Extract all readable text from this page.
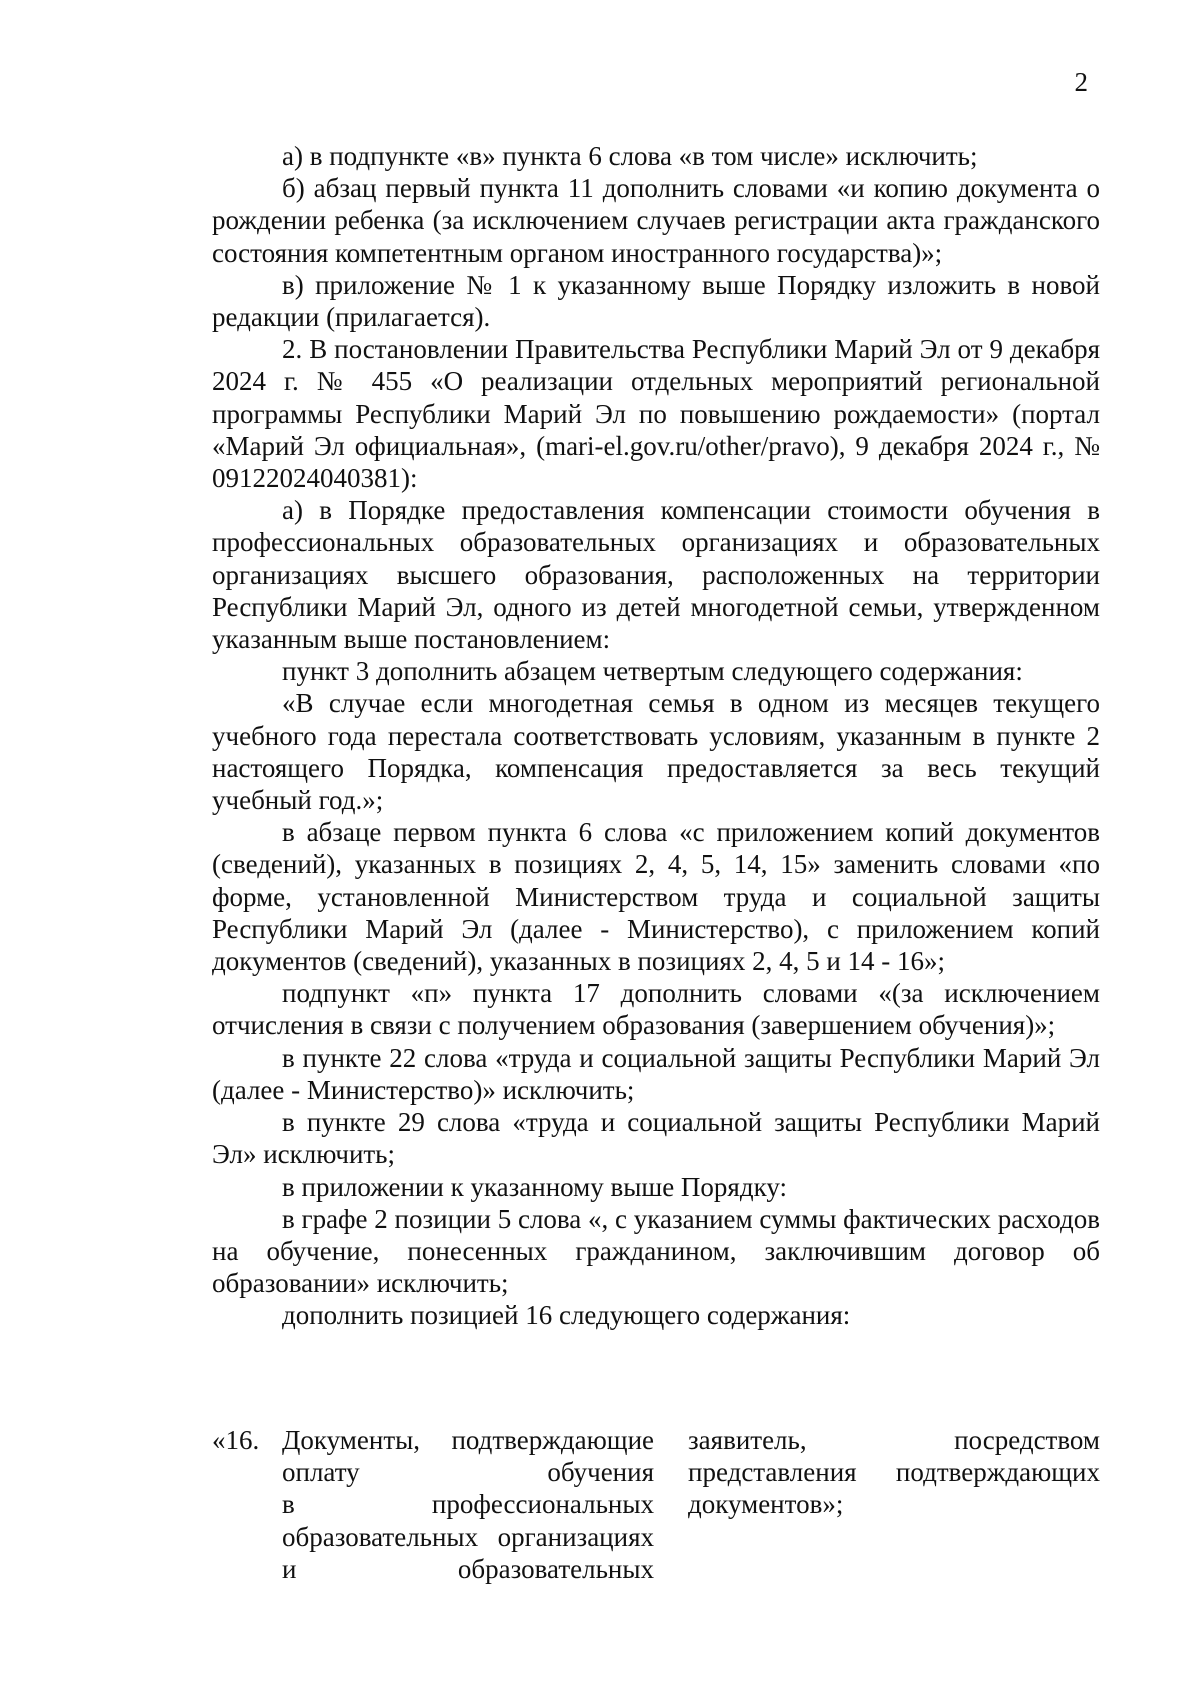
2

а) в подпункте «в» пункта 6 слова «в том числе» исключить;

б) абзац первый пункта 11 дополнить словами «и копию документа о рождении ребенка (за исключением случаев регистрации акта гражданского состояния компетентным органом иностранного государства)»;

в) приложение № 1 к указанному выше Порядку изложить в новой редакции (прилагается).

2. В постановлении Правительства Республики Марий Эл от 9 декабря 2024 г. № 455 «О реализации отдельных мероприятий региональной программы Республики Марий Эл по повышению рождаемости» (портал «Марий Эл официальная», (mari-el.gov.ru/other/pravo), 9 декабря 2024 г., № 09122024040381):

а) в Порядке предоставления компенсации стоимости обучения в профессиональных образовательных организациях и образовательных организациях высшего образования, расположенных на территории Республики Марий Эл, одного из детей многодетной семьи, утвержденном указанным выше постановлением:

пункт 3 дополнить абзацем четвертым следующего содержания:

«В случае если многодетная семья в одном из месяцев текущего учебного года перестала соответствовать условиям, указанным в пункте 2 настоящего Порядка, компенсация предоставляется за весь текущий учебный год.»;

в абзаце первом пункта 6 слова «с приложением копий документов (сведений), указанных в позициях 2, 4, 5, 14, 15» заменить словами «по форме, установленной Министерством труда и социальной защиты Республики Марий Эл (далее - Министерство), с приложением копий документов (сведений), указанных в позициях 2, 4, 5 и 14 - 16»;

подпункт «п» пункта 17 дополнить словами «(за исключением отчисления в связи с получением образования (завершением обучения)»;

в пункте 22 слова «труда и социальной защиты Республики Марий Эл (далее - Министерство)» исключить;

в пункте 29 слова «труда и социальной защиты Республики Марий Эл» исключить;

в приложении к указанному выше Порядку:

в графе 2 позиции 5 слова «, с указанием суммы фактических расходов на обучение, понесенных гражданином, заключившим договор об образовании» исключить;

дополнить позицией 16 следующего содержания:

«16. Документы, подтверждающие
оплату обучения
в профессиональных
образовательных организациях
и образовательных
заявитель, посредством
представления подтверждающих
документов»;
